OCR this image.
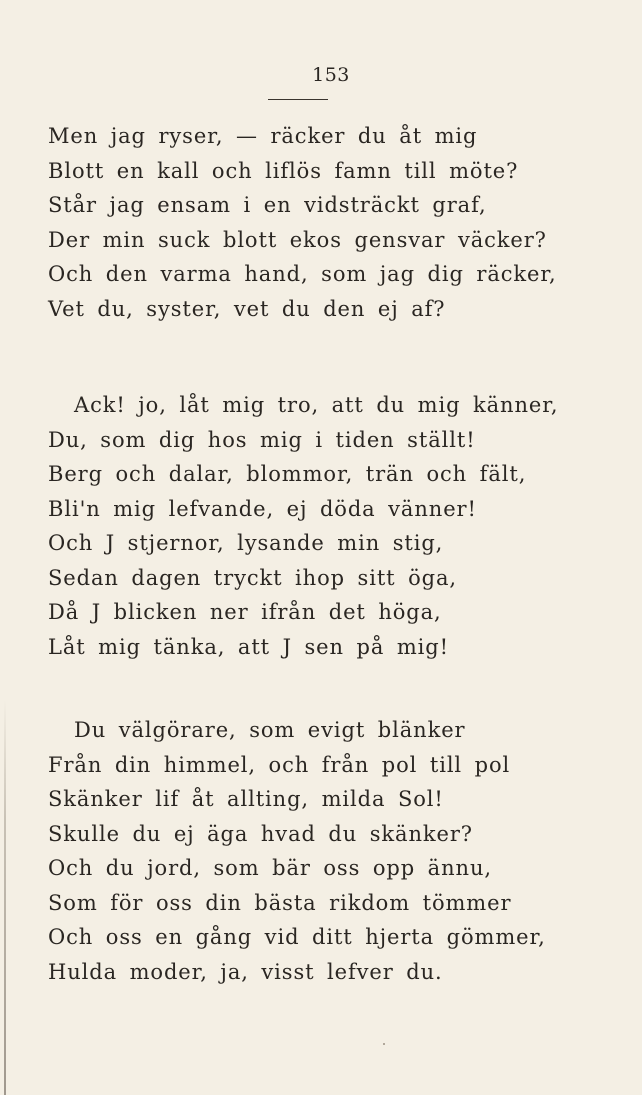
153
Men jag ryser, — räcker du åt mig
Blott en kall och liflös famn till möte?
Står jag ensam i en vidsträckt graf,
Der min suck blott ekos gensvar väcker?
Och den varma hand, som jag dig räcker,
Vet du, syster, vet du den ej af?
Ack! jo, låt mig tro, att du mig känner,
Du, som dig hos mig i tiden ställt!
Berg och dalar, blommor, trän och fält,
Bli'n mig lefvande, ej döda vänner!
Och J stjernor, lysande min stig,
Sedan dagen tryckt ihop sitt öga,
Då J blicken ner ifrån det höga,
Låt mig tänka, att J sen på mig!
Du välgörare, som evigt blänker
Från din himmel, och från pol till pol
Skänker lif åt allting, milda Sol!
Skulle du ej äga hvad du skänker?
Och du jord, som bär oss opp ännu,
Som för oss din bästa rikdom tömmer
Och oss en gång vid ditt hjerta gömmer,
Hulda moder, ja, visst lefver du.
